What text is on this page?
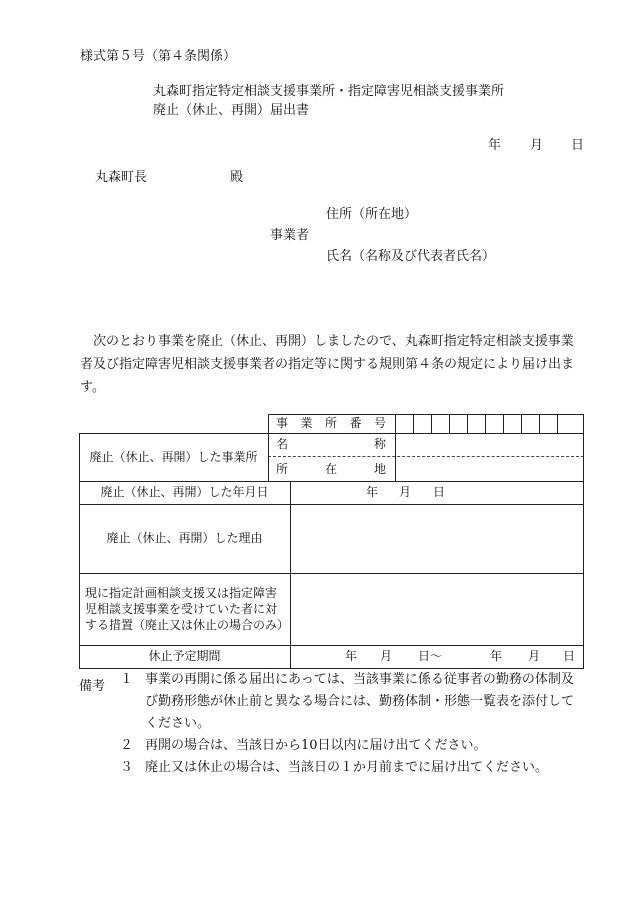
様式第５号（第４条関係）
丸森町指定特定相談支援事業所・指定障害児相談支援事業所
廃止（休止、再開）届出書
年 月 日
丸森町長	殿
住所（所在地）
事業者
氏名（名称及び代表者氏名）

次のとおり事業を廃止（休止、再開）しましたので、丸森町指定特定相談支援事業者及び指定障害児相談支援事業者の指定等に関する規則第４条の規定により届け出ます。

事 業 所 番 号
廃止（休止、再開）した事業所
名	称
所	在	地
廃止（休止、再開）した年月日	年	月	日
廃止（休止、再開）した理由
現に指定計画相談支援又は指定障害児相談支援事業を受けていた者に対する措置（廃止又は休止の場合のみ）
休止予定期間	年	月	日〜	年	月	日
備考 １ 事業の再開に係る届出にあっては、当該事業に係る従事者の勤務の体制及び勤務形態が休止前と異なる場合には、勤務体制・形態一覧表を添付してください。
２ 再開の場合は、当該日から10日以内に届け出てください。
３ 廃止又は休止の場合は、当該日の１か月前までに届け出てください。
